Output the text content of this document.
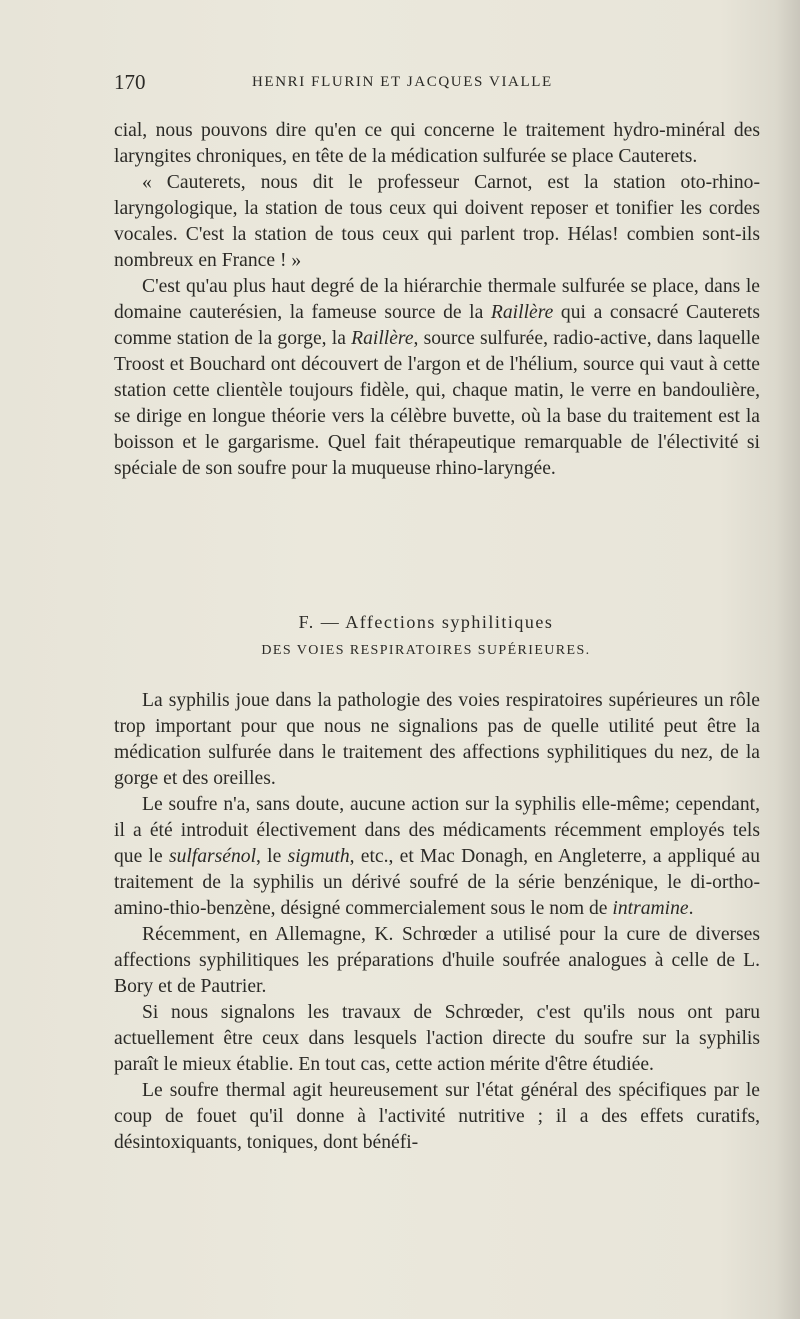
170	HENRI FLURIN ET JACQUES VIALLE

cial, nous pouvons dire qu'en ce qui concerne le traitement hydro-minéral des laryngites chroniques, en tête de la médication sulfurée se place Cauterets.

« Cauterets, nous dit le professeur Carnot, est la station oto-rhino-laryngologique, la station de tous ceux qui doivent reposer et tonifier les cordes vocales. C'est la station de tous ceux qui parlent trop. Hélas! combien sont-ils nombreux en France ! »

C'est qu'au plus haut degré de la hiérarchie thermale sulfurée se place, dans le domaine cauterésien, la fameuse source de la Raillère qui a consacré Cauterets comme station de la gorge, la Raillère, source sulfurée, radio-active, dans laquelle Troost et Bouchard ont découvert de l'argon et de l'hélium, source qui vaut à cette station cette clientèle toujours fidèle, qui, chaque matin, le verre en bandoulière, se dirige en longue théorie vers la célèbre buvette, où la base du traitement est la boisson et le gargarisme. Quel fait thérapeutique remarquable de l'électivité si spéciale de son soufre pour la muqueuse rhino-laryngée.

F. — Affections syphilitiques
DES VOIES RESPIRATOIRES SUPÉRIEURES.

La syphilis joue dans la pathologie des voies respiratoires supérieures un rôle trop important pour que nous ne signalions pas de quelle utilité peut être la médication sulfurée dans le traitement des affections syphilitiques du nez, de la gorge et des oreilles.

Le soufre n'a, sans doute, aucune action sur la syphilis elle-même; cependant, il a été introduit électivement dans des médicaments récemment employés tels que le sulfarsénol, le sigmuth, etc., et Mac Donagh, en Angleterre, a appliqué au traitement de la syphilis un dérivé soufré de la série benzénique, le di-ortho-amino-thio-benzène, désigné commercialement sous le nom de intramine.

Récemment, en Allemagne, K. Schrœder a utilisé pour la cure de diverses affections syphilitiques les préparations d'huile soufrée analogues à celle de L. Bory et de Pautrier.

Si nous signalons les travaux de Schrœder, c'est qu'ils nous ont paru actuellement être ceux dans lesquels l'action directe du soufre sur la syphilis paraît le mieux établie. En tout cas, cette action mérite d'être étudiée.

Le soufre thermal agit heureusement sur l'état général des spécifiques par le coup de fouet qu'il donne à l'activité nutritive ; il a des effets curatifs, désintoxiquants, toniques, dont bénéfi-
